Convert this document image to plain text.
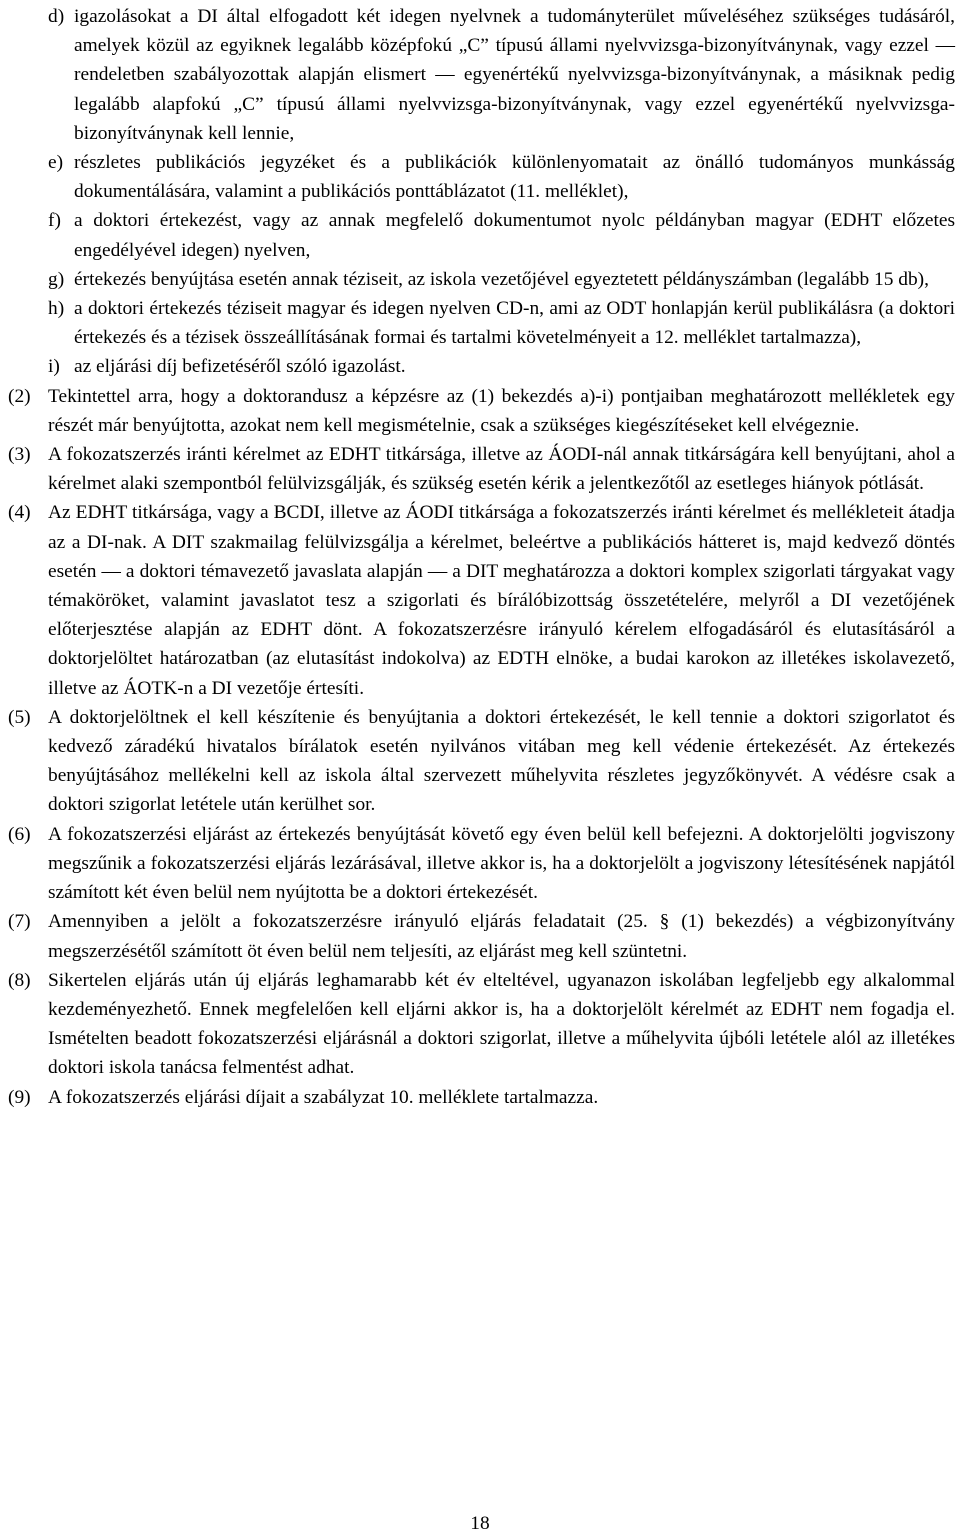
d) igazolásokat a DI által elfogadott két idegen nyelvnek a tudományterület műveléséhez szükséges tudásáról, amelyek közül az egyiknek legalább középfokú „C” típusú állami nyelvvizsga-bizonyítványnak, vagy ezzel — rendeletben szabályozottak alapján elismert — egyenértékű nyelvvizsga-bizonyítványnak, a másiknak pedig legalább alapfokú „C” típusú állami nyelvvizsga-bizonyítványnak, vagy ezzel egyenértékű nyelvvizsga-bizonyítványnak kell lennie,
e) részletes publikációs jegyzéket és a publikációk különlenyomatait az önálló tudományos munkásság dokumentálására, valamint a publikációs ponttáblázatot (11. melléklet),
f) a doktori értekezést, vagy az annak megfelelő dokumentumot nyolc példányban magyar (EDHT előzetes engedélyével idegen) nyelven,
g) értekezés benyújtása esetén annak téziseit, az iskola vezetőjével egyeztetett példányszámban (legalább 15 db),
h) a doktori értekezés téziseit magyar és idegen nyelven CD-n, ami az ODT honlapján kerül publikálásra (a doktori értekezés és a tézisek összeállításának formai és tartalmi követelményeit a 12. melléklet tartalmazza),
i) az eljárási díj befizetéséről szóló igazolást.
(2) Tekintettel arra, hogy a doktorandusz a képzésre az (1) bekezdés a)-i) pontjaiban meghatározott mellékletek egy részét már benyújtotta, azokat nem kell megismételnie, csak a szükséges kiegészítéseket kell elvégeznie.
(3) A fokozatszerzés iránti kérelmet az EDHT titkársága, illetve az ÁODI-nál annak titkárságára kell benyújtani, ahol a kérelmet alaki szempontból felülvizsgálják, és szükség esetén kérik a jelentkezőtől az esetleges hiányok pótlását.
(4) Az EDHT titkársága, vagy a BCDI, illetve az ÁODI titkársága a fokozatszerzés iránti kérelmet és mellékleteit átadja az a DI-nak. A DIT szakmailag felülvizsgálja a kérelmet, beleértve a publikációs hátteret is, majd kedvező döntés esetén — a doktori témavezető javaslata alapján — a DIT meghatározza a doktori komplex szigorlati tárgyakat vagy témaköröket, valamint javaslatot tesz a szigorlati és bírálóbizottság összetételére, melyről a DI vezetőjének előterjesztése alapján az EDHT dönt. A fokozatszerzésre irányuló kérelem elfogadásáról és elutasításáról a doktorjelöltet határozatban (az elutasítást indokolva) az EDTH elnöke, a budai karokon az illetékes iskolavezető, illetve az ÁOTK-n a DI vezetője értesíti.
(5) A doktorjelöltnek el kell készítenie és benyújtania a doktori értekezését, le kell tennie a doktori szigorlatot és kedvező záradékú hivatalos bírálatok esetén nyilvános vitában meg kell védenie értekezését. Az értekezés benyújtásához mellékelni kell az iskola által szervezett műhelyvita részletes jegyzőkönyvét. A védésre csak a doktori szigorlat letétele után kerülhet sor.
(6) A fokozatszerzési eljárást az értekezés benyújtását követő egy éven belül kell befejezni. A doktorjelölti jogviszony megszűnik a fokozatszerzési eljárás lezárásával, illetve akkor is, ha a doktorjelölt a jogviszony létesítésének napjától számított két éven belül nem nyújtotta be a doktori értekezését.
(7) Amennyiben a jelölt a fokozatszerzésre irányuló eljárás feladatait (25. § (1) bekezdés) a végbizonyítvány megszerzésétől számított öt éven belül nem teljesíti, az eljárást meg kell szüntetni.
(8) Sikertelen eljárás után új eljárás leghamarabb két év elteltével, ugyanazon iskolában legfeljebb egy alkalommal kezdeményezhető. Ennek megfelelően kell eljárni akkor is, ha a doktorjelölt kérelmét az EDHT nem fogadja el. Ismételten beadott fokozatszerzési eljárásnál a doktori szigorlat, illetve a műhelyvita újbóli letétele alól az illetékes doktori iskola tanácsa felmentést adhat.
(9) A fokozatszerzés eljárási díjait a szabályzat 10. melléklete tartalmazza.
18
